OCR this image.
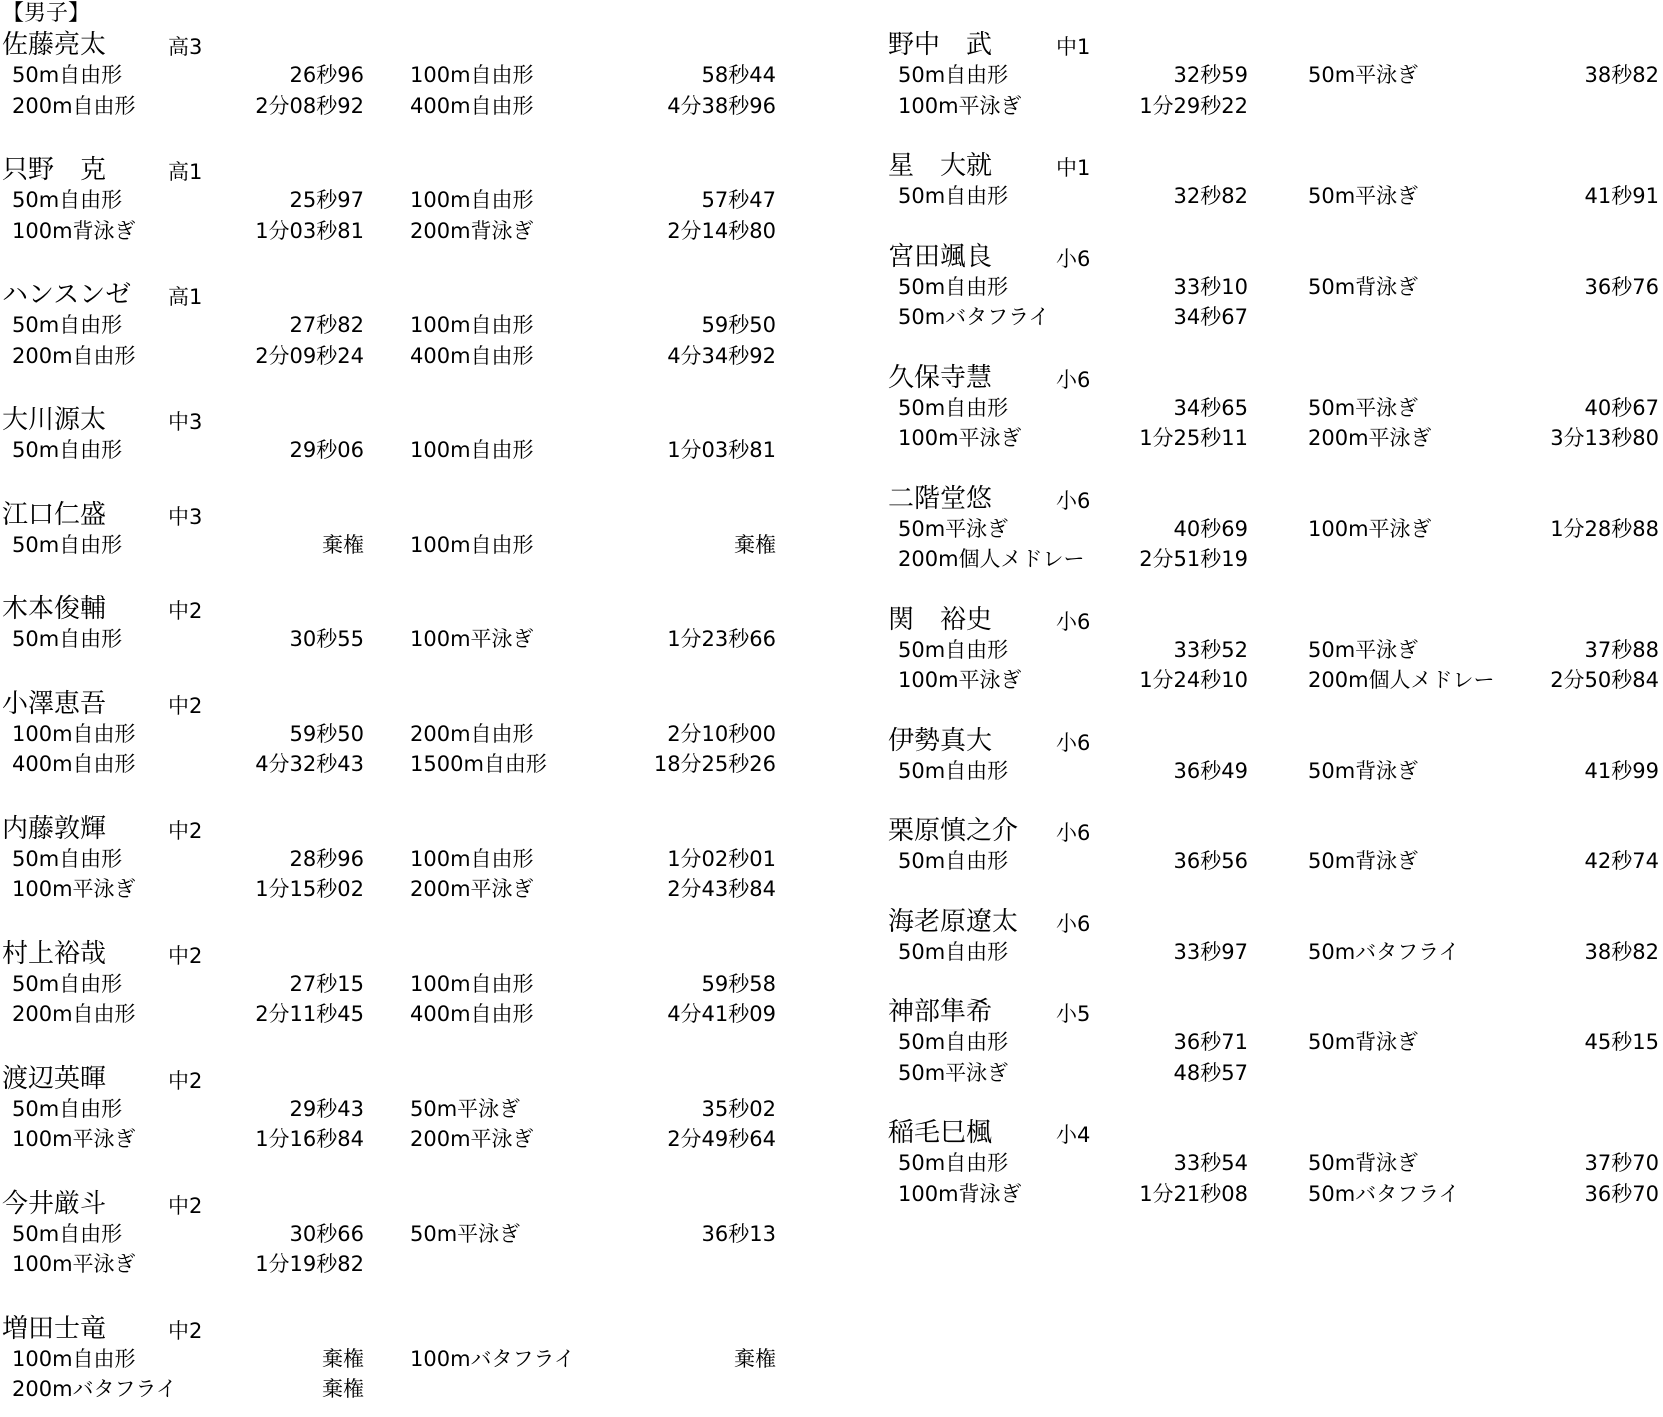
【男子】
佐藤亮太	高3
50m自由形	26秒96 100m自由形	58秒44
200m自由形	2分08秒92 400m自由形	4分38秒96
只野　克	高1
50m自由形	25秒97 100m自由形	57秒47
100m背泳ぎ	1分03秒81 200m背泳ぎ	2分14秒80
ハンスンゼ 高1
50m自由形	27秒82 100m自由形	59秒50
200m自由形	2分09秒24 400m自由形	4分34秒92
大川源太	中3
50m自由形	29秒06 100m自由形	1分03秒81
江口仁盛	中3
50m自由形	棄権 100m自由形	棄権
木本俊輔	中2
50m自由形	30秒55 100m平泳ぎ	1分23秒66
小澤恵吾	中2
100m自由形	59秒50 200m自由形	2分10秒00
400m自由形	4分32秒43 1500m自由形	18分25秒26
内藤敦輝	中2
50m自由形	28秒96 100m自由形	1分02秒01
100m平泳ぎ	1分15秒02 200m平泳ぎ	2分43秒84
村上裕哉	中2
50m自由形	27秒15 100m自由形	59秒58
200m自由形	2分11秒45 400m自由形	4分41秒09
渡辺英暉	中2
50m自由形	29秒43 50m平泳ぎ	35秒02
100m平泳ぎ	1分16秒84 200m平泳ぎ	2分49秒64
今井厳斗	中2
50m自由形	30秒66 50m平泳ぎ	36秒13
100m平泳ぎ	1分19秒82
増田士竜	中2
100m自由形	棄権 100mバタフライ	棄権
200mバタフライ	棄権
野中　武	中1
50m自由形	32秒59	50m平泳ぎ	38秒82
100m平泳ぎ	1分29秒22
星　大就	中1
50m自由形	32秒82	50m平泳ぎ	41秒91
宮田颯良	小6
50m自由形	33秒10	50m背泳ぎ	36秒76
50mバタフライ	34秒67
久保寺慧	小6
50m自由形	34秒65	50m平泳ぎ	40秒67
100m平泳ぎ	1分25秒11	200m平泳ぎ	3分13秒80
二階堂悠	小6
50m平泳ぎ	40秒69	100m平泳ぎ	1分28秒88
200m個人メドレー	2分51秒19
関　裕史	小6
50m自由形	33秒52	50m平泳ぎ	37秒88
100m平泳ぎ	1分24秒10	200m個人メドレー	2分50秒84
伊勢真大	小6
50m自由形	36秒49	50m背泳ぎ	41秒99
栗原慎之介 小6
50m自由形	36秒56	50m背泳ぎ	42秒74
海老原遼太 小6
50m自由形	33秒97	50mバタフライ	38秒82
神部隼希	小5
50m自由形	36秒71	50m背泳ぎ	45秒15
50m平泳ぎ	48秒57
稲毛巳楓	小4
50m自由形	33秒54	50m背泳ぎ	37秒70
100m背泳ぎ	1分21秒08	50mバタフライ	36秒70
